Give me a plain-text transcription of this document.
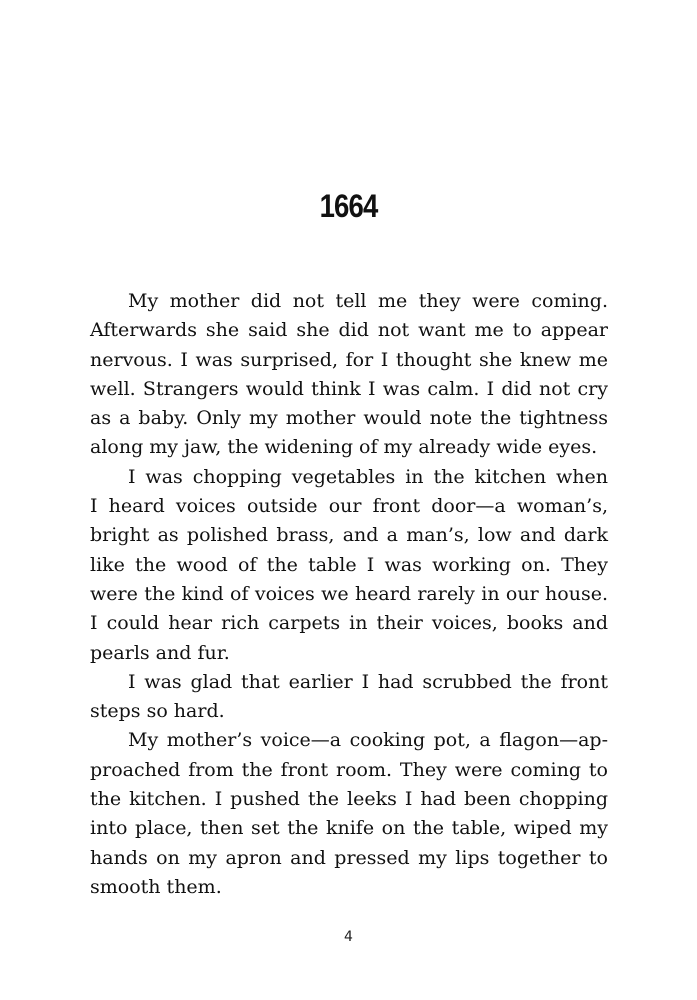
1664

My mother did not tell me they were coming.
Afterwards she said she did not want me to appear
nervous. I was surprised, for I thought she knew me
well. Strangers would think I was calm. I did not cry
as a baby. Only my mother would note the tightness
along my jaw, the widening of my already wide eyes.

I was chopping vegetables in the kitchen when
I heard voices outside our front door—a woman’s,
bright as polished brass, and a man’s, low and dark
like the wood of the table I was working on. They
were the kind of voices we heard rarely in our house.
I could hear rich carpets in their voices, books and
pearls and fur.

I was glad that earlier I had scrubbed the front
steps so hard.

My mother’s voice—a cooking pot, a flagon—ap-
proached from the front room. They were coming to
the kitchen. I pushed the leeks I had been chopping
into place, then set the knife on the table, wiped my
hands on my apron and pressed my lips together to
smooth them.

4
